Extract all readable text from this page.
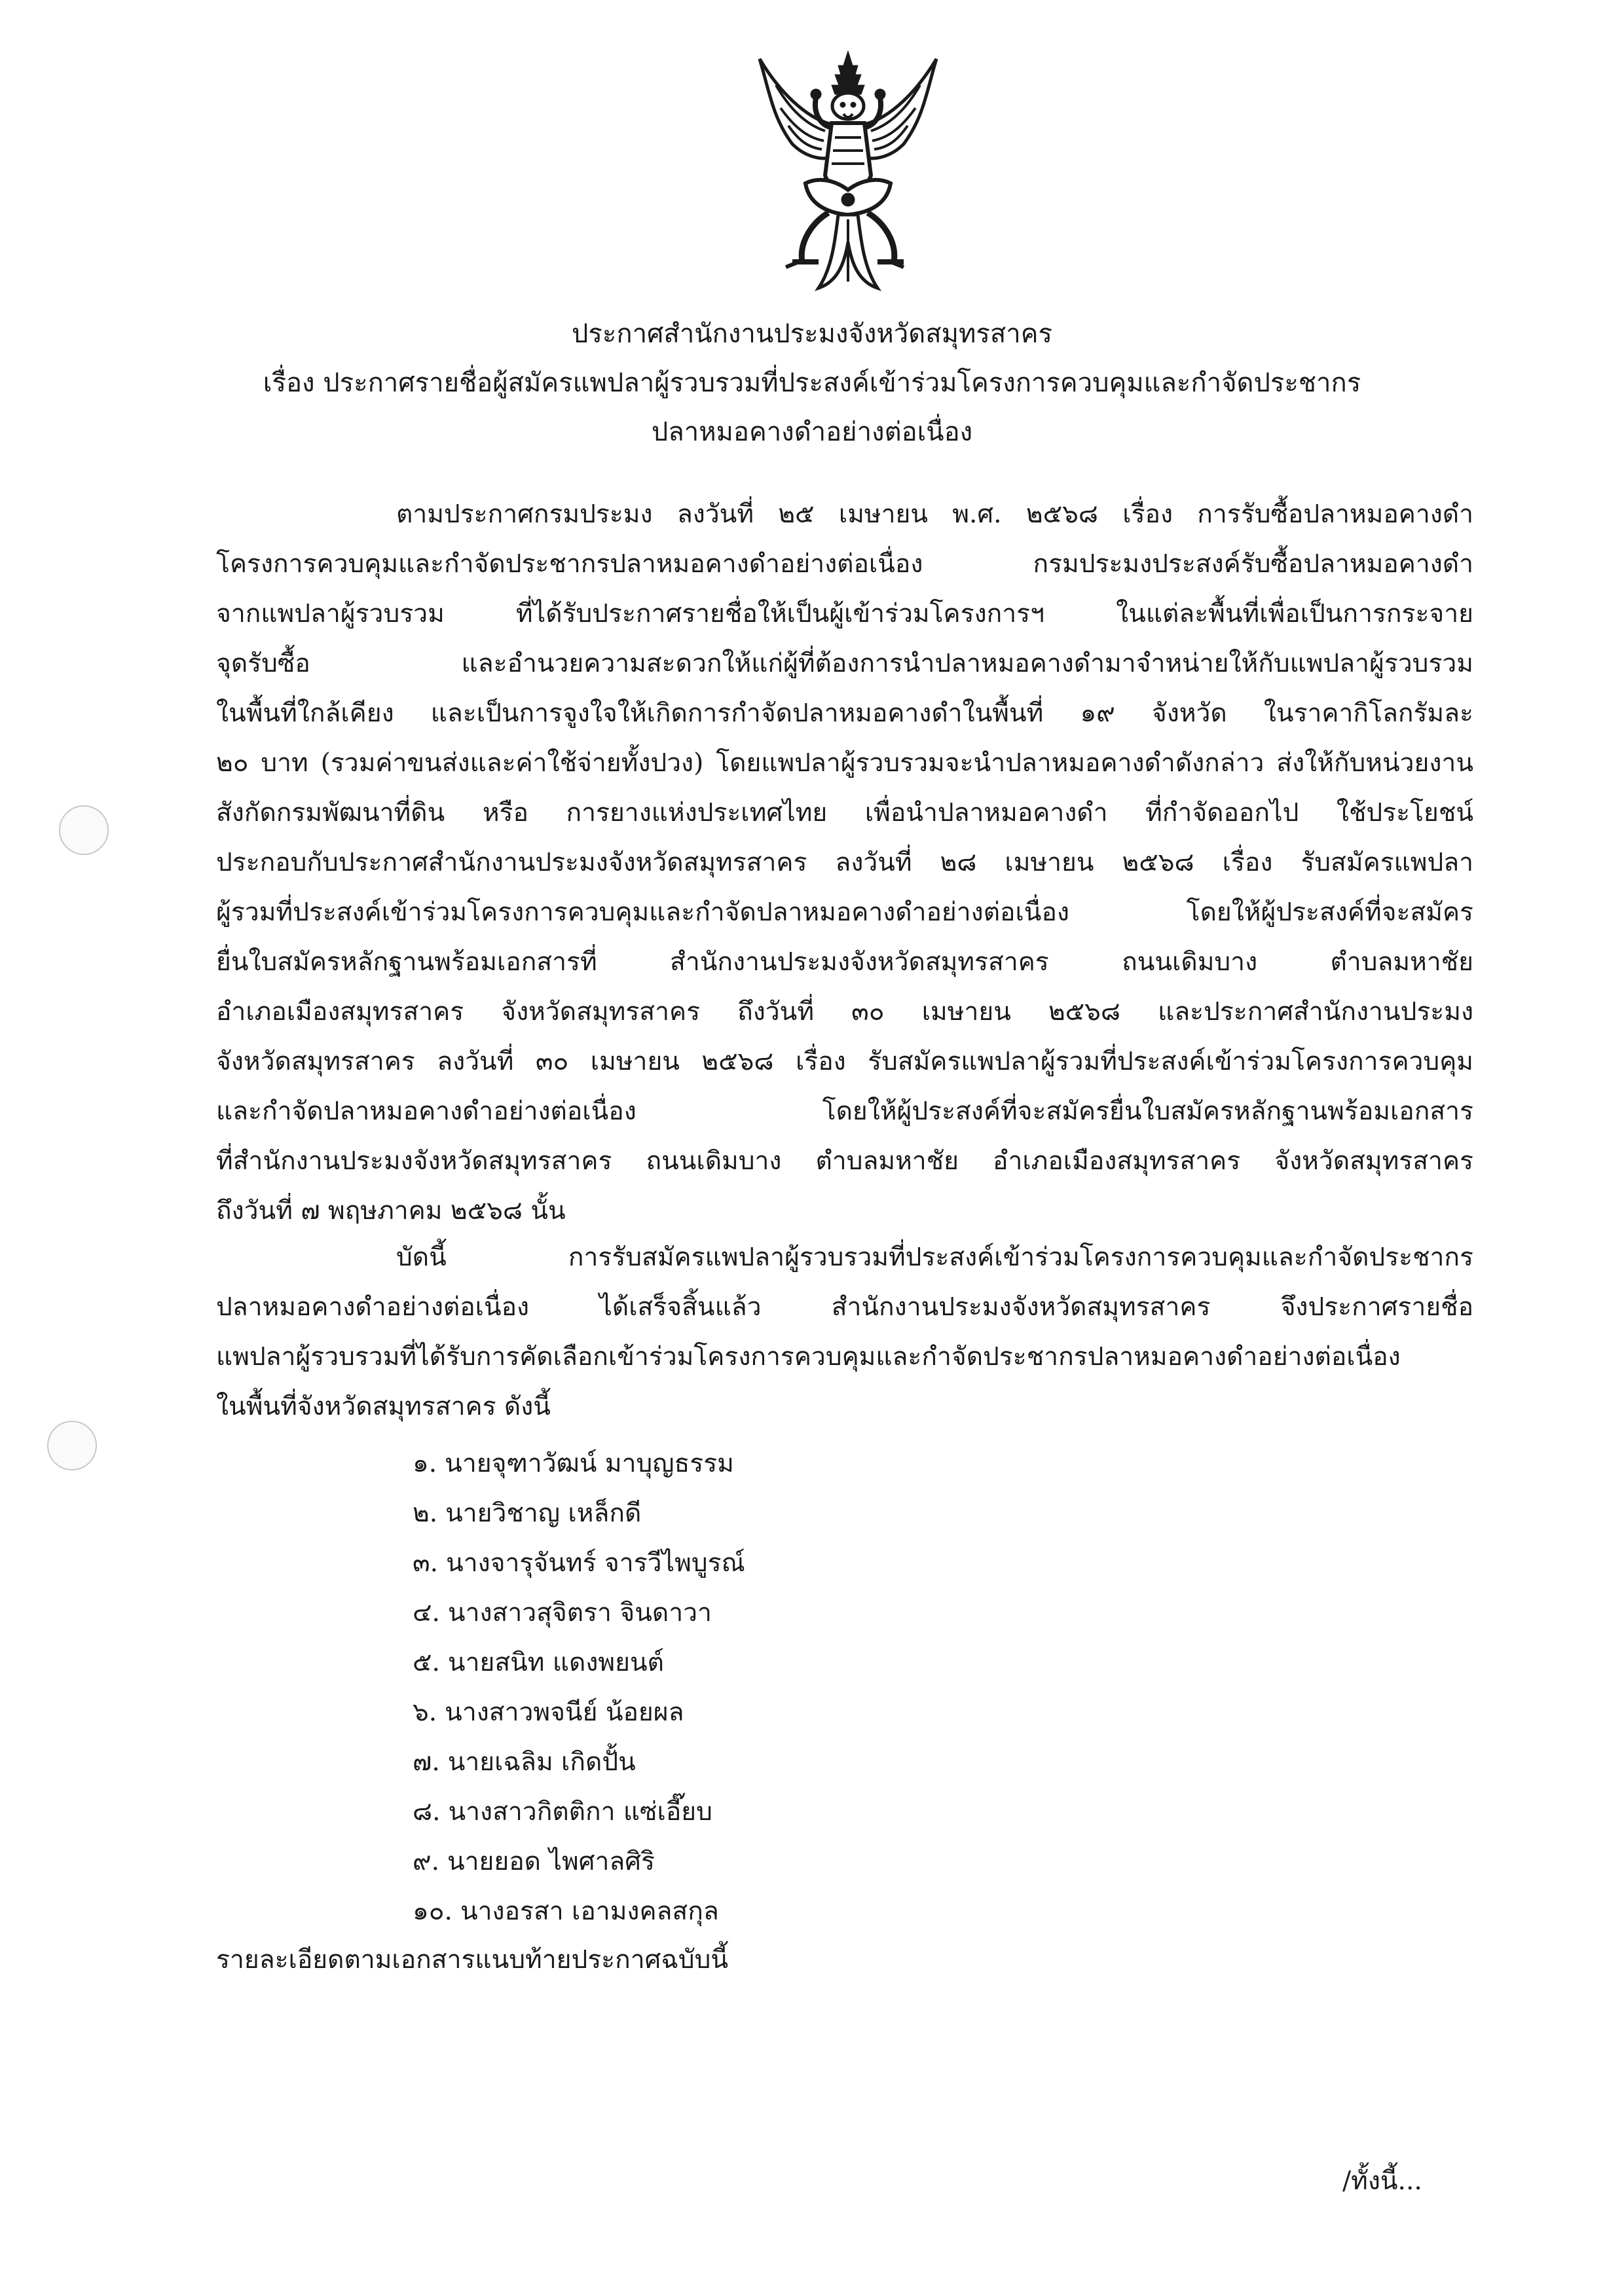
ประกาศสำนักงานประมงจังหวัดสมุทรสาคร
เรื่อง ประกาศรายชื่อผู้สมัครแพปลาผู้รวบรวมที่ประสงค์เข้าร่วมโครงการควบคุมและกำจัดประชากร
ปลาหมอคางดำอย่างต่อเนื่อง
ตามประกาศกรมประมง ลงวันที่ ๒๕ เมษายน พ.ศ. ๒๕๖๘ เรื่อง การรับซื้อปลาหมอคางดำ
โครงการควบคุมและกำจัดประชากรปลาหมอคางดำอย่างต่อเนื่อง กรมประมงประสงค์รับซื้อปลาหมอคางดำ
จากแพปลาผู้รวบรวม ที่ได้รับประกาศรายชื่อให้เป็นผู้เข้าร่วมโครงการฯ ในแต่ละพื้นที่เพื่อเป็นการกระจาย
จุดรับซื้อ และอำนวยความสะดวกให้แก่ผู้ที่ต้องการนำปลาหมอคางดำมาจำหน่ายให้กับแพปลาผู้รวบรวม
ในพื้นที่ใกล้เคียง และเป็นการจูงใจให้เกิดการกำจัดปลาหมอคางดำในพื้นที่ ๑๙ จังหวัด ในราคากิโลกรัมละ
๒๐ บาท (รวมค่าขนส่งและค่าใช้จ่ายทั้งปวง) โดยแพปลาผู้รวบรวมจะนำปลาหมอคางดำดังกล่าว ส่งให้กับหน่วยงาน
สังกัดกรมพัฒนาที่ดิน หรือ การยางแห่งประเทศไทย เพื่อนำปลาหมอคางดำ ที่กำจัดออกไป ใช้ประโยชน์
ประกอบกับประกาศสำนักงานประมงจังหวัดสมุทรสาคร ลงวันที่ ๒๘ เมษายน ๒๕๖๘ เรื่อง รับสมัครแพปลา
ผู้รวมที่ประสงค์เข้าร่วมโครงการควบคุมและกำจัดปลาหมอคางดำอย่างต่อเนื่อง โดยให้ผู้ประสงค์ที่จะสมัคร
ยื่นใบสมัครหลักฐานพร้อมเอกสารที่ สำนักงานประมงจังหวัดสมุทรสาคร ถนนเดิมบาง ตำบลมหาชัย
อำเภอเมืองสมุทรสาคร จังหวัดสมุทรสาคร ถึงวันที่ ๓๐ เมษายน ๒๕๖๘ และประกาศสำนักงานประมง
จังหวัดสมุทรสาคร ลงวันที่ ๓๐ เมษายน ๒๕๖๘ เรื่อง รับสมัครแพปลาผู้รวมที่ประสงค์เข้าร่วมโครงการควบคุม
และกำจัดปลาหมอคางดำอย่างต่อเนื่อง โดยให้ผู้ประสงค์ที่จะสมัครยื่นใบสมัครหลักฐานพร้อมเอกสาร
ที่สำนักงานประมงจังหวัดสมุทรสาคร ถนนเดิมบาง ตำบลมหาชัย อำเภอเมืองสมุทรสาคร จังหวัดสมุทรสาคร
ถึงวันที่ ๗ พฤษภาคม ๒๕๖๘ นั้น
บัดนี้ การรับสมัครแพปลาผู้รวบรวมที่ประสงค์เข้าร่วมโครงการควบคุมและกำจัดประชากร
ปลาหมอคางดำอย่างต่อเนื่อง ได้เสร็จสิ้นแล้ว สำนักงานประมงจังหวัดสมุทรสาคร จึงประกาศรายชื่อ
แพปลาผู้รวบรวมที่ได้รับการคัดเลือกเข้าร่วมโครงการควบคุมและกำจัดประชากรปลาหมอคางดำอย่างต่อเนื่อง
ในพื้นที่จังหวัดสมุทรสาคร ดังนี้
๑. นายจุฑาวัฒน์ มาบุญธรรม
๒. นายวิชาญ เหล็กดี
๓. นางจารุจันทร์ จารวีไพบูรณ์
๔. นางสาวสุจิตรา จินดาวา
๕. นายสนิท แดงพยนต์
๖. นางสาวพจนีย์ น้อยผล
๗. นายเฉลิม เกิดปั้น
๘. นางสาวกิตติกา แซ่เอี๊ยบ
๙. นายยอด ไพศาลศิริ
๑๐. นางอรสา เอามงคลสกุล
รายละเอียดตามเอกสารแนบท้ายประกาศฉบับนี้
/ทั้งนี้...
